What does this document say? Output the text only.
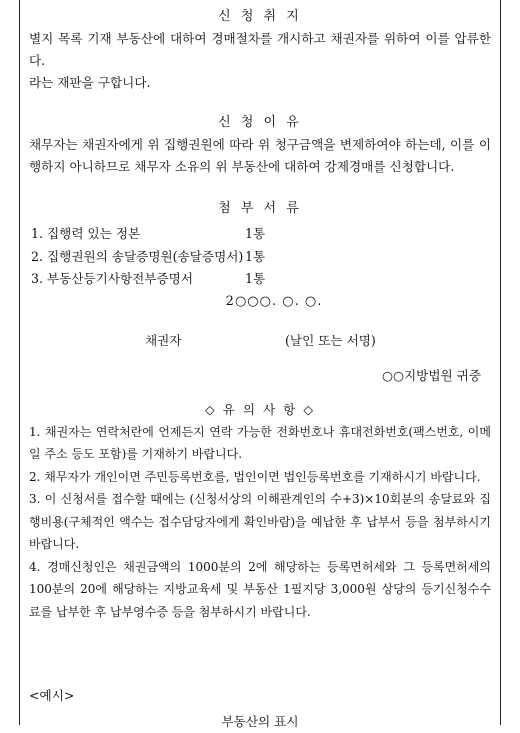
신 청 취 지

별지 목록 기재 부동산에 대하여 경매절차를 개시하고 채권자를 위하여 이를 압류한다.

라는 재판을 구합니다.

신 청 이 유

채무자는 채권자에게 위 집행권원에 따라 위 청구금액을 변제하여야 하는데, 이를 이행하지 아니하므로 채무자 소유의 위 부동산에 대하여 강제경매를 신청합니다.

첨 부 서 류

1. 집행력 있는 정본	1통
2. 집행권원의 송달증명원(송달증명서) 1통
3. 부동산등기사항전부증명서	1통

2○○○. ○. ○.

채권자	(날인 또는 서명)
○○지방법원 귀중
◇ 유 의 사 항 ◇

1. 채권자는 연락처란에 언제든지 연락 가능한 전화번호나 휴대전화번호(팩스번호, 이메일 주소 등도 포함)를 기재하기 바랍니다.

2. 채무자가 개인이면 주민등록번호를, 법인이면 법인등록번호를 기재하시기 바랍니다.

3. 이 신청서를 접수할 때에는 (신청서상의 이해관계인의 수+3)×10회분의 송달료와 집행비용(구체적인 액수는 접수담당자에게 확인바람)을 예납한 후 납부서 등을 첨부하시기 바랍니다.

4. 경매신청인은 채권금액의 1000분의 2에 해당하는 등록면허세와 그 등록면허세의 100분의 20에 해당하는 지방교육세 및 부동산 1필지당 3,000원 상당의 등기신청수수료를 납부한 후 납부영수증 등을 첨부하시기 바랍니다.

<예시>
부동산의 표시
